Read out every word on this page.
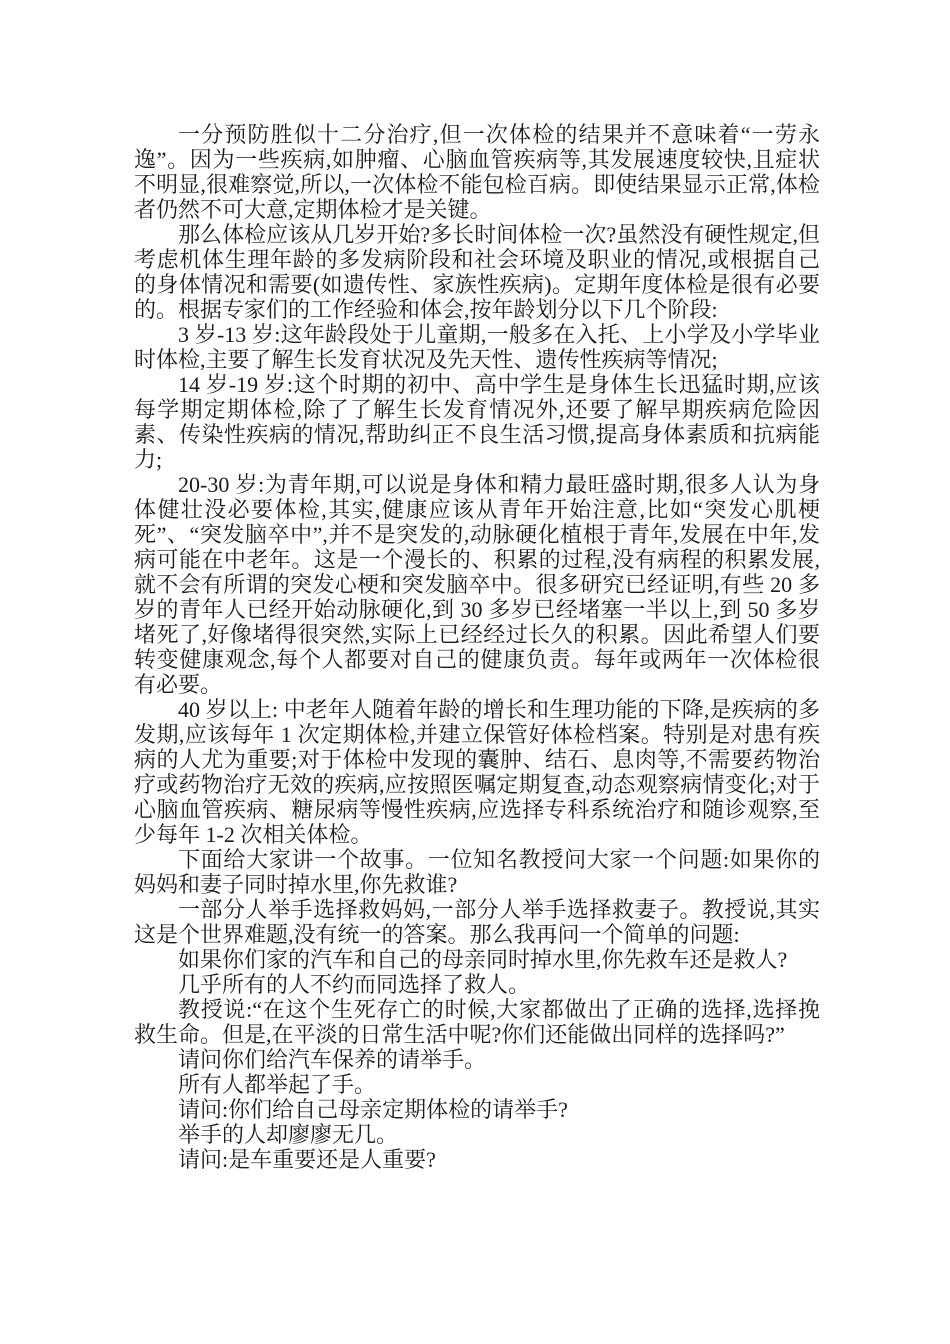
一分预防胜似十二分治疗,但一次体检的结果并不意味着“一劳永逸”。因为一些疾病,如肿瘤、心脑血管疾病等,其发展速度较快,且症状不明显,很难察觉,所以,一次体检不能包检百病。即使结果显示正常,体检者仍然不可大意,定期体检才是关键。

那么体检应该从几岁开始?多长时间体检一次?虽然没有硬性规定,但考虑机体生理年龄的多发病阶段和社会环境及职业的情况,或根据自己的身体情况和需要(如遗传性、家族性疾病)。定期年度体检是很有必要的。根据专家们的工作经验和体会,按年龄划分以下几个阶段:

3 岁-13 岁:这年龄段处于儿童期,一般多在入托、上小学及小学毕业时体检,主要了解生长发育状况及先天性、遗传性疾病等情况;

14 岁-19 岁:这个时期的初中、高中学生是身体生长迅猛时期,应该每学期定期体检,除了了解生长发育情况外,还要了解早期疾病危险因素、传染性疾病的情况,帮助纠正不良生活习惯,提高身体素质和抗病能力;

20-30 岁:为青年期,可以说是身体和精力最旺盛时期,很多人认为身体健壮没必要体检,其实,健康应该从青年开始注意,比如“突发心肌梗死”、“突发脑卒中”,并不是突发的,动脉硬化植根于青年,发展在中年,发病可能在中老年。这是一个漫长的、积累的过程,没有病程的积累发展,就不会有所谓的突发心梗和突发脑卒中。很多研究已经证明,有些 20 多岁的青年人已经开始动脉硬化,到 30 多岁已经堵塞一半以上,到 50 多岁堵死了,好像堵得很突然,实际上已经经过长久的积累。因此希望人们要转变健康观念,每个人都要对自己的健康负责。每年或两年一次体检很有必要。

40 岁以上: 中老年人随着年龄的增长和生理功能的下降,是疾病的多发期,应该每年 1 次定期体检,并建立保管好体检档案。特别是对患有疾病的人尤为重要;对于体检中发现的囊肿、结石、息肉等,不需要药物治疗或药物治疗无效的疾病,应按照医嘱定期复查,动态观察病情变化;对于心脑血管疾病、糖尿病等慢性疾病,应选择专科系统治疗和随诊观察,至少每年 1-2 次相关体检。

下面给大家讲一个故事。一位知名教授问大家一个问题:如果你的妈妈和妻子同时掉水里,你先救谁?

一部分人举手选择救妈妈,一部分人举手选择救妻子。教授说,其实这是个世界难题,没有统一的答案。那么我再问一个简单的问题:

如果你们家的汽车和自己的母亲同时掉水里,你先救车还是救人?

几乎所有的人不约而同选择了救人。

教授说:“在这个生死存亡的时候,大家都做出了正确的选择,选择挽救生命。但是,在平淡的日常生活中呢?你们还能做出同样的选择吗?”

请问你们给汽车保养的请举手。

所有人都举起了手。

请问:你们给自己母亲定期体检的请举手?

举手的人却廖廖无几。

请问:是车重要还是人重要?
